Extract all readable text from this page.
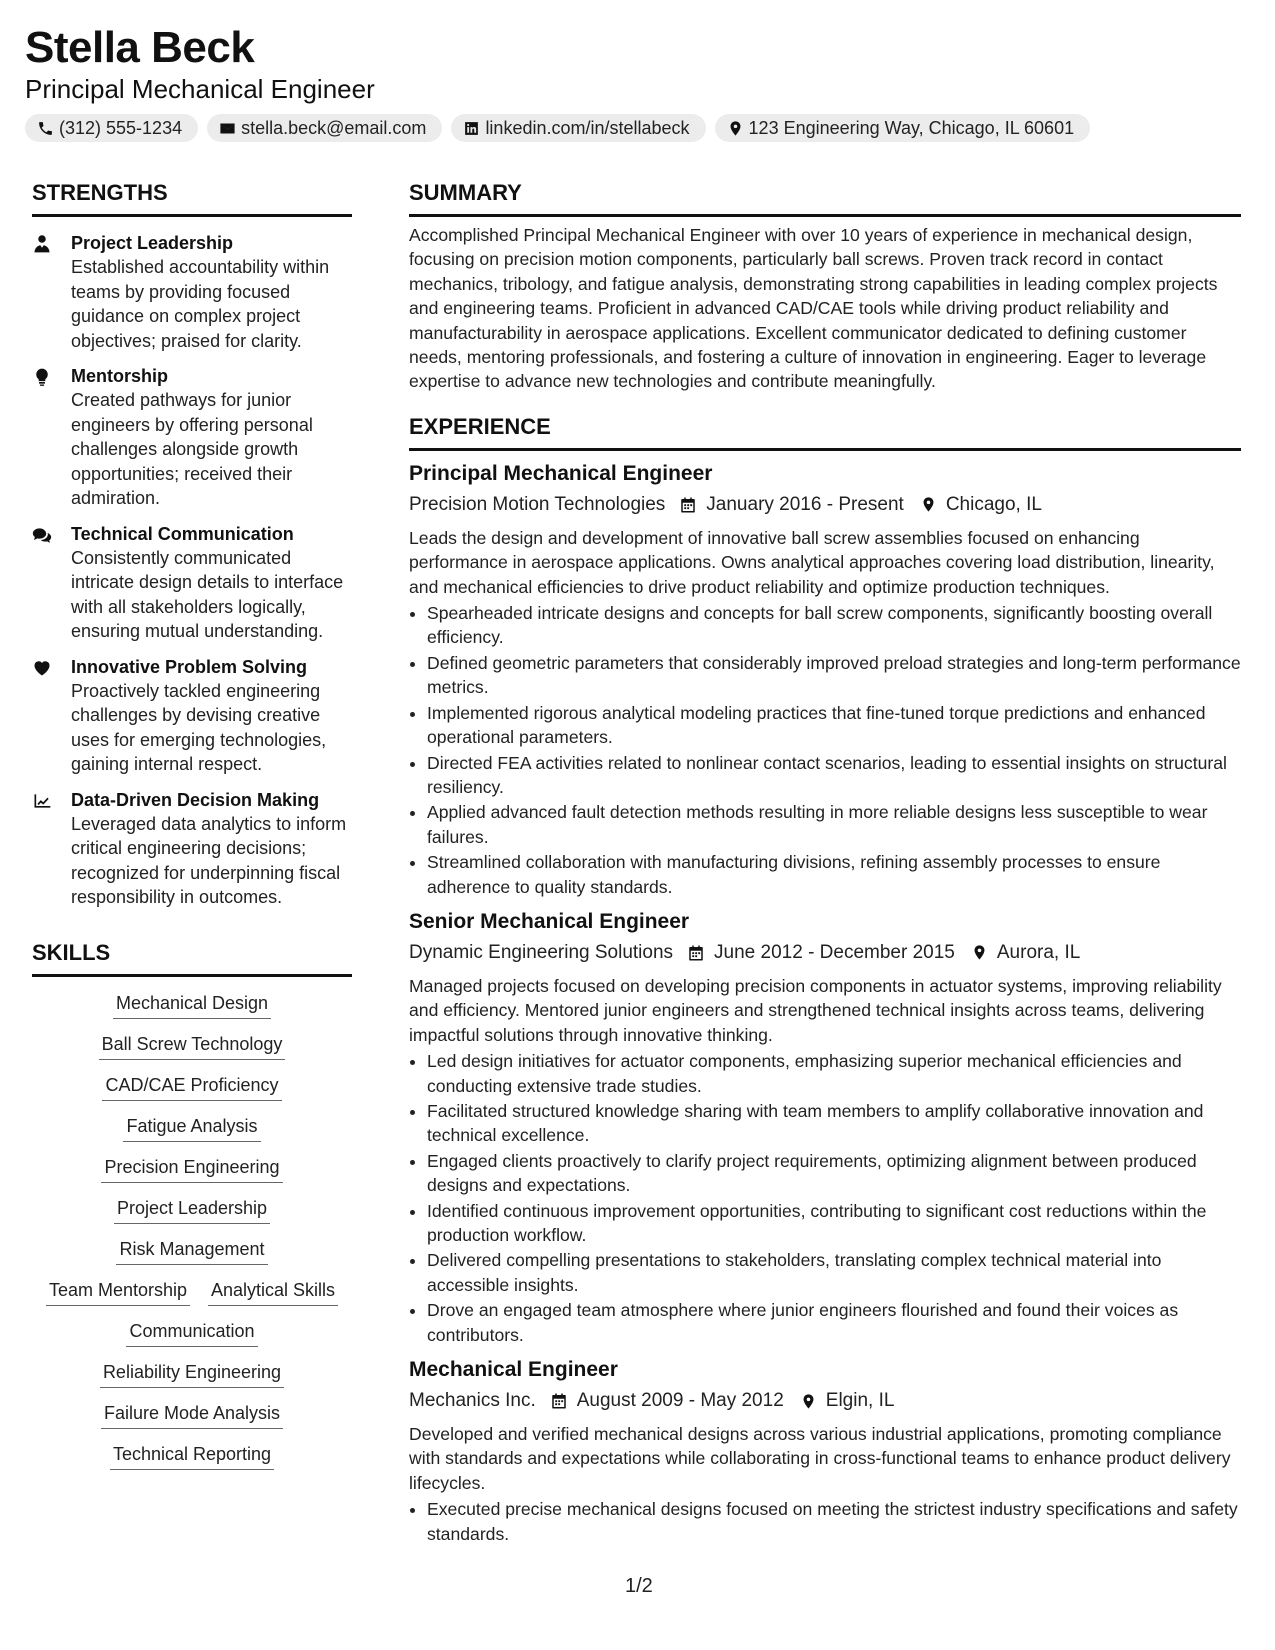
Stella Beck
Principal Mechanical Engineer
(312) 555-1234	stella.beck@email.com	linkedin.com/in/stellabeck	123 Engineering Way, Chicago, IL 60601
STRENGTHS
Project Leadership
Established accountability within teams by providing focused guidance on complex project objectives; praised for clarity.
Mentorship
Created pathways for junior engineers by offering personal challenges alongside growth opportunities; received their admiration.
Technical Communication
Consistently communicated intricate design details to interface with all stakeholders logically, ensuring mutual understanding.
Innovative Problem Solving
Proactively tackled engineering challenges by devising creative uses for emerging technologies, gaining internal respect.
Data-Driven Decision Making
Leveraged data analytics to inform critical engineering decisions; recognized for underpinning fiscal responsibility in outcomes.
SKILLS
Mechanical Design
Ball Screw Technology
CAD/CAE Proficiency
Fatigue Analysis
Precision Engineering
Project Leadership
Risk Management
Team Mentorship Analytical Skills
Communication
Reliability Engineering
Failure Mode Analysis
Technical Reporting
SUMMARY

Accomplished Principal Mechanical Engineer with over 10 years of experience in mechanical design, focusing on precision motion components, particularly ball screws. Proven track record in contact mechanics, tribology, and fatigue analysis, demonstrating strong capabilities in leading complex projects and engineering teams. Proficient in advanced CAD/CAE tools while driving product reliability and manufacturability in aerospace applications. Excellent communicator dedicated to defining customer needs, mentoring professionals, and fostering a culture of innovation in engineering. Eager to leverage expertise to advance new technologies and contribute meaningfully.

EXPERIENCE
Principal Mechanical Engineer
Precision Motion Technologies January 2016 - Present Chicago, IL

Leads the design and development of innovative ball screw assemblies focused on enhancing performance in aerospace applications. Owns analytical approaches covering load distribution, linearity, and mechanical efficiencies to drive product reliability and optimize production techniques.

• Spearheaded intricate designs and concepts for ball screw components, significantly boosting overall efficiency.
• Defined geometric parameters that considerably improved preload strategies and long-term performance metrics.
• Implemented rigorous analytical modeling practices that fine-tuned torque predictions and enhanced operational parameters.
• Directed FEA activities related to nonlinear contact scenarios, leading to essential insights on structural resiliency.
• Applied advanced fault detection methods resulting in more reliable designs less susceptible to wear failures.
• Streamlined collaboration with manufacturing divisions, refining assembly processes to ensure adherence to quality standards.
Senior Mechanical Engineer
Dynamic Engineering Solutions June 2012 - December 2015 Aurora, IL

Managed projects focused on developing precision components in actuator systems, improving reliability and efficiency. Mentored junior engineers and strengthened technical insights across teams, delivering impactful solutions through innovative thinking.

• Led design initiatives for actuator components, emphasizing superior mechanical efficiencies and conducting extensive trade studies.
• Facilitated structured knowledge sharing with team members to amplify collaborative innovation and technical excellence.
• Engaged clients proactively to clarify project requirements, optimizing alignment between produced designs and expectations.
• Identified continuous improvement opportunities, contributing to significant cost reductions within the production workflow.
• Delivered compelling presentations to stakeholders, translating complex technical material into accessible insights.
• Drove an engaged team atmosphere where junior engineers flourished and found their voices as contributors.
Mechanical Engineer
Mechanics Inc. August 2009 - May 2012 Elgin, IL

Developed and verified mechanical designs across various industrial applications, promoting compliance with standards and expectations while collaborating in cross-functional teams to enhance product delivery lifecycles.

• Executed precise mechanical designs focused on meeting the strictest industry specifications and safety standards.
1/2
